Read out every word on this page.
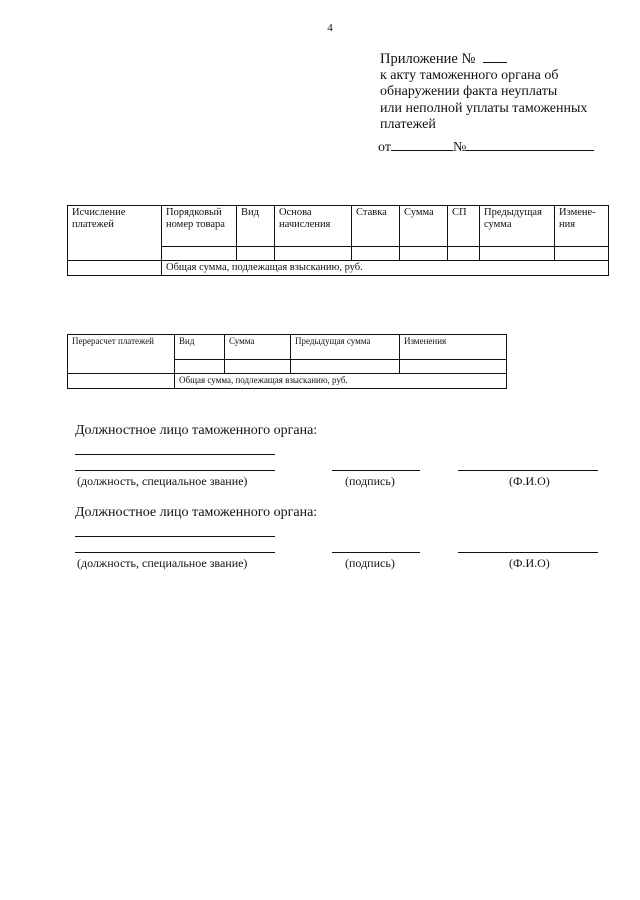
4
Приложение №
к акту таможенного органа об
обнаружении факта неуплаты
или неполной уплаты таможенных
платежей
от	№
Исчисление платежей	Порядковый номер товара	Вид	Основа начисления	Ставка	Сумма	СП	Предыдущая сумма	Измене-ния

	Общая сумма, подлежащая взысканию, руб.							
Перерасчет платежей	Вид	Сумма	Предыдущая сумма	Изменения

	Общая сумма, подлежащая взысканию, руб.			
Должностное лицо таможенного органа:
(должность, специальное звание)	(подпись)	(Ф.И.О)
Должностное лицо таможенного органа:
(должность, специальное звание)	(подпись)	(Ф.И.О)
